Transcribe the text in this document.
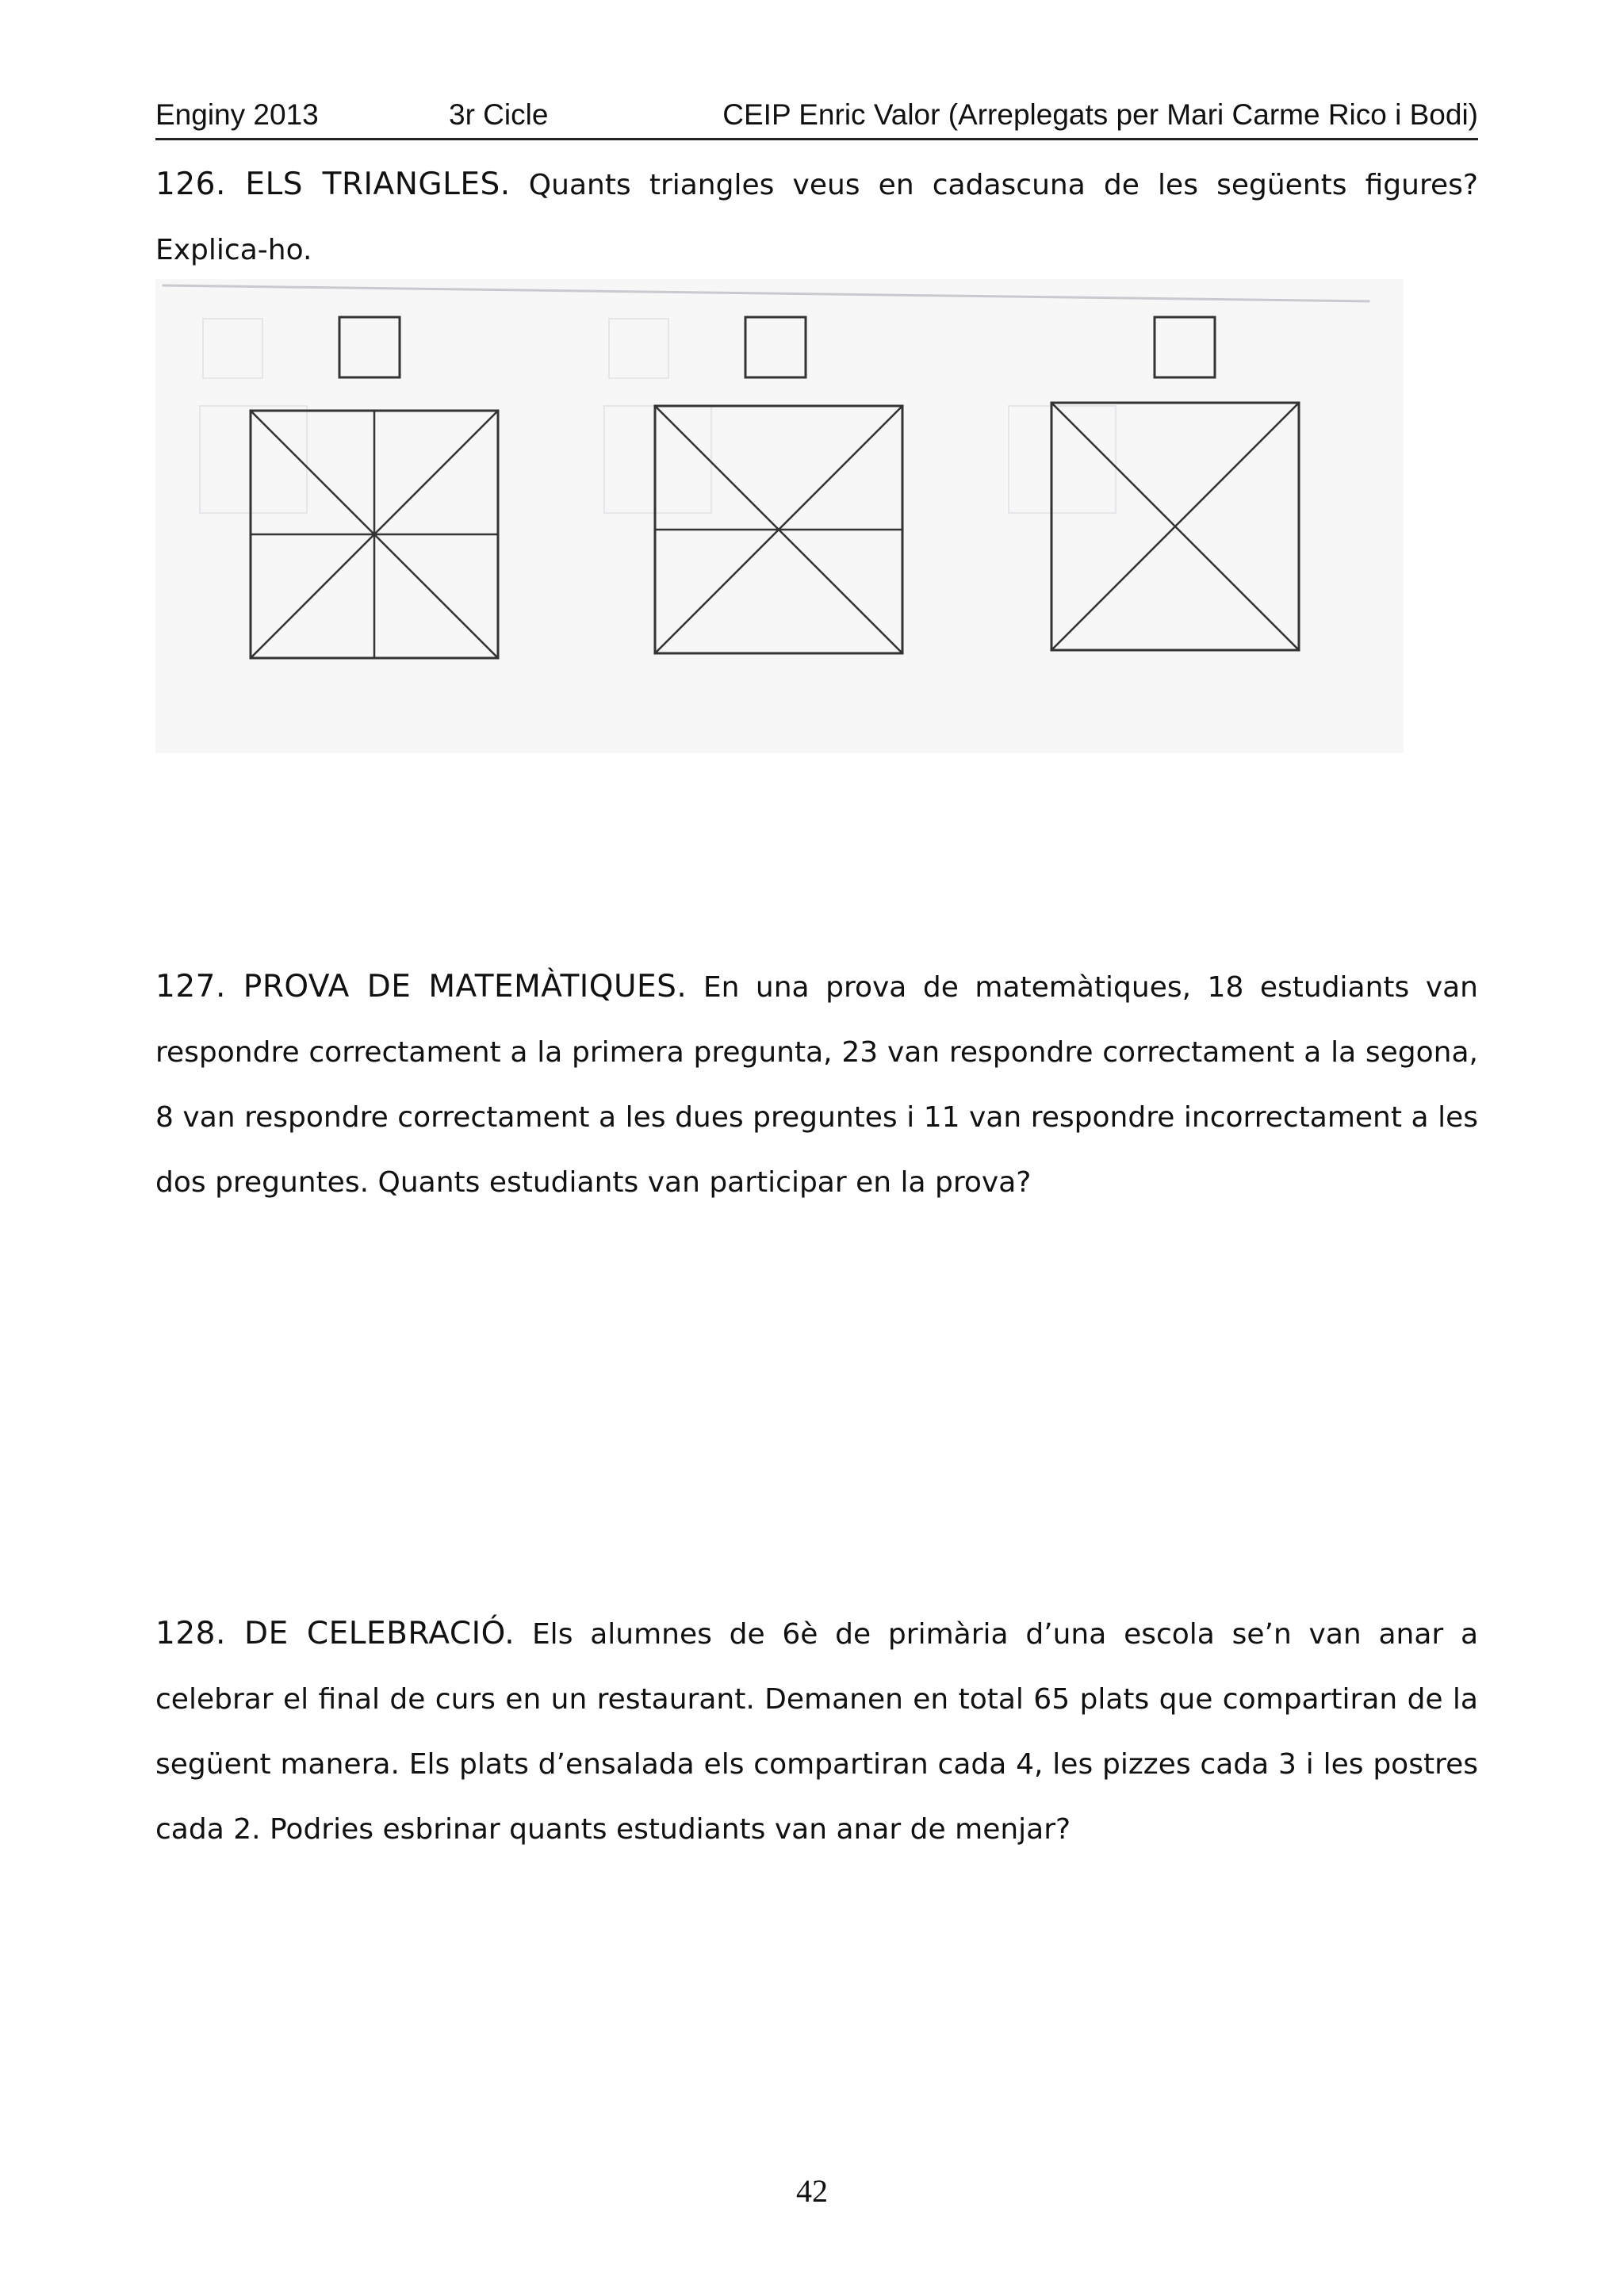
Enginy 2013	3r Cicle	CEIP Enric Valor (Arreplegats per Mari Carme Rico i Bodi)

126. ELS TRIANGLES. Quants triangles veus en cadascuna de les següents figures? Explica-ho.

127. PROVA DE MATEMÀTIQUES. En una prova de matemàtiques, 18 estudiants van respondre correctament a la primera pregunta, 23 van respondre correctament a la segona, 8 van respondre correctament a les dues preguntes i 11 van respondre incorrectament a les dos preguntes. Quants estudiants van participar en la prova?

128. DE CELEBRACIÓ. Els alumnes de 6è de primària d’una escola se’n van anar a celebrar el final de curs en un restaurant. Demanen en total 65 plats que compartiran de la següent manera. Els plats d’ensalada els compartiran cada 4, les pizzes cada 3 i les postres cada 2. Podries esbrinar quants estudiants van anar de menjar?

42
